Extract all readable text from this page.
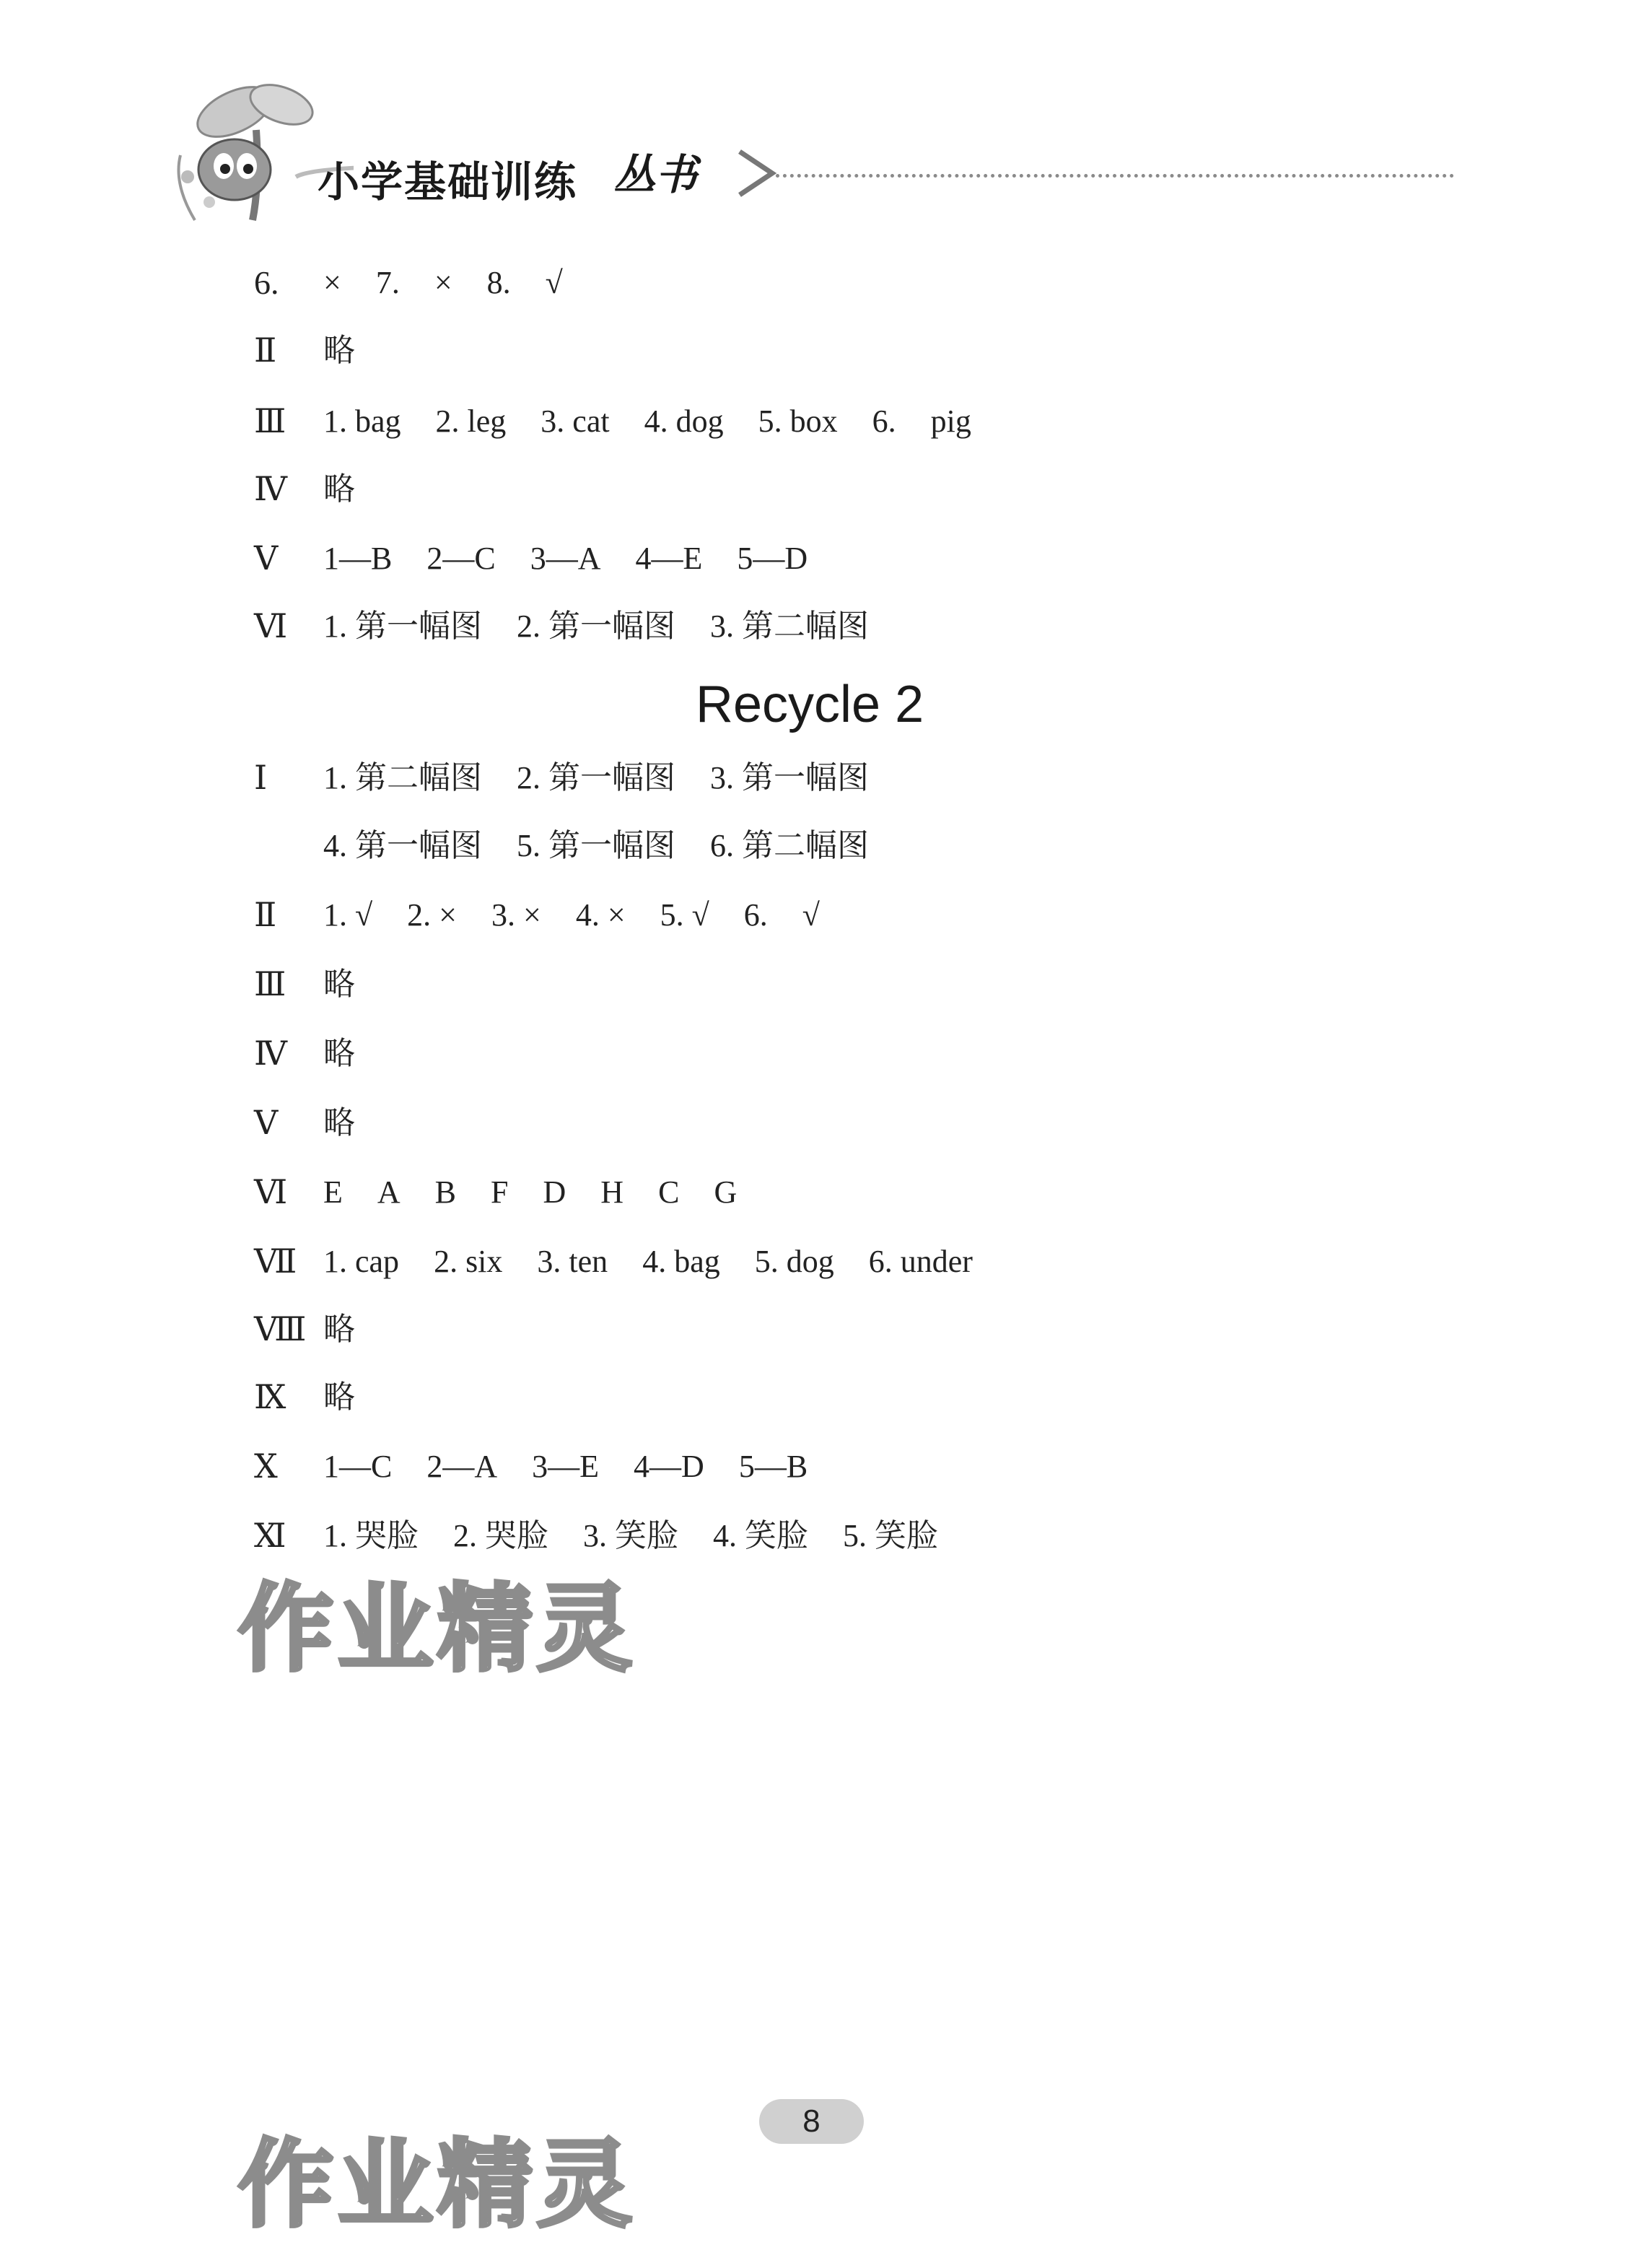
小学基础训练 丛书
6.	× 7. × 8. √
Ⅱ	略
Ⅲ	1. bag 2. leg 3. cat 4. dog 5. box 6. pig
Ⅳ	略
Ⅴ	1—B 2—C 3—A 4—E 5—D
Ⅵ	1. 第一幅图 2. 第一幅图 3. 第二幅图
Ⅰ	1. 第二幅图 2. 第一幅图 3. 第一幅图
4. 第一幅图 5. 第一幅图 6. 第二幅图
Ⅱ	1. √ 2. × 3. × 4. × 5. √ 6. √
Ⅲ	略
Ⅳ	略
Ⅴ	略
Ⅵ	E A B F D H C G
Ⅶ 1. cap 2. six 3. ten 4. bag 5. dog 6. under
Ⅷ 略
Ⅸ	略
Ⅹ	1—C 2—A 3—E 4—D 5—B
Ⅺ	1. 哭脸 2. 哭脸 3. 笑脸 4. 笑脸 5. 笑脸
Recycle 2
作业精灵
作业精灵
8
